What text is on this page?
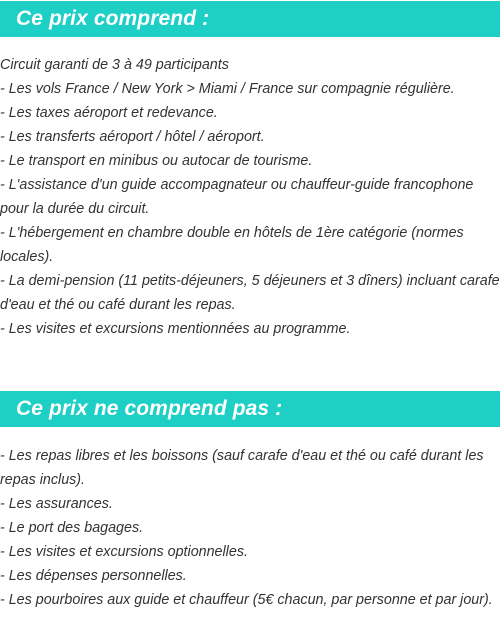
Ce prix comprend :
Circuit garanti de 3 à 49 participants
- Les vols France / New York > Miami / France sur compagnie régulière.
- Les taxes aéroport et redevance.
- Les transferts aéroport / hôtel / aéroport.
- Le transport en minibus ou autocar de tourisme.
- L'assistance d'un guide accompagnateur ou chauffeur-guide francophone pour la durée du circuit.
- L'hébergement en chambre double en hôtels de 1ère catégorie (normes locales).
- La demi-pension (11 petits-déjeuners, 5 déjeuners et 3 dîners) incluant carafe d'eau et thé ou café durant les repas.
- Les visites et excursions mentionnées au programme.
Ce prix ne comprend pas :
- Les repas libres et les boissons (sauf carafe d'eau et thé ou café durant les repas inclus).
- Les assurances.
- Le port des bagages.
- Les visites et excursions optionnelles.
- Les dépenses personnelles.
- Les pourboires aux guide et chauffeur (5€ chacun, par personne et par jour).
